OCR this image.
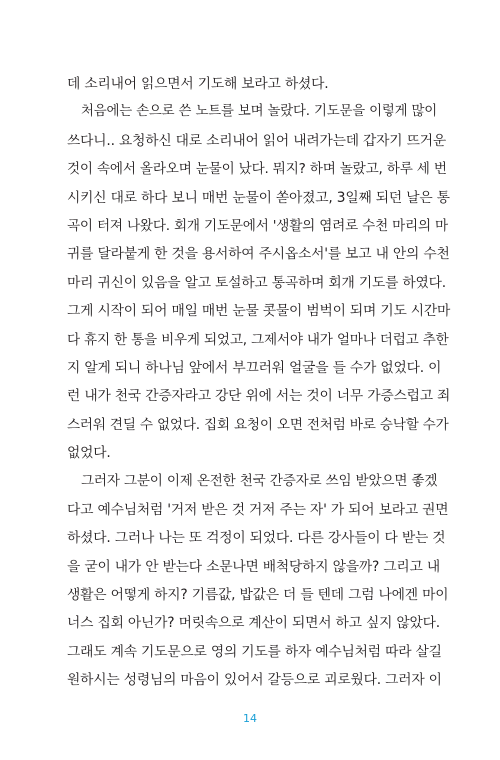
데 소리내어 읽으면서 기도해 보라고 하셨다.
처음에는 손으로 쓴 노트를 보며 놀랐다. 기도문을 이렇게 많이
쓰다니.. 요청하신 대로 소리내어 읽어 내려가는데 갑자기 뜨거운
것이 속에서 올라오며 눈물이 났다. 뭐지? 하며 놀랐고, 하루 세 번
시키신 대로 하다 보니 매번 눈물이 쏟아졌고, 3일째 되던 날은 통
곡이 터져 나왔다. 회개 기도문에서 '생활의 염려로 수천 마리의 마
귀를 달라붙게 한 것을 용서하여 주시옵소서'를 보고 내 안의 수천
마리 귀신이 있음을 알고 토설하고 통곡하며 회개 기도를 하였다.
그게 시작이 되어 매일 매번 눈물 콧물이 범벅이 되며 기도 시간마
다 휴지 한 통을 비우게 되었고, 그제서야 내가 얼마나 더럽고 추한
지 알게 되니 하나님 앞에서 부끄러워 얼굴을 들 수가 없었다. 이
런 내가 천국 간증자라고 강단 위에 서는 것이 너무 가증스럽고 죄
스러워 견딜 수 없었다. 집회 요청이 오면 전처럼 바로 승낙할 수가
없었다.
그러자 그분이 이제 온전한 천국 간증자로 쓰임 받았으면 좋겠
다고 예수님처럼 '거저 받은 것 거저 주는 자' 가 되어 보라고 권면
하셨다. 그러나 나는 또 걱정이 되었다. 다른 강사들이 다 받는 것
을 굳이 내가 안 받는다 소문나면 배척당하지 않을까? 그리고 내
생활은 어떻게 하지? 기름값, 밥값은 더 들 텐데 그럼 나에겐 마이
너스 집회 아닌가? 머릿속으로 계산이 되면서 하고 싶지 않았다.
그래도 계속 기도문으로 영의 기도를 하자 예수님처럼 따라 살길
원하시는 성령님의 마음이 있어서 갈등으로 괴로웠다. 그러자 이
14
